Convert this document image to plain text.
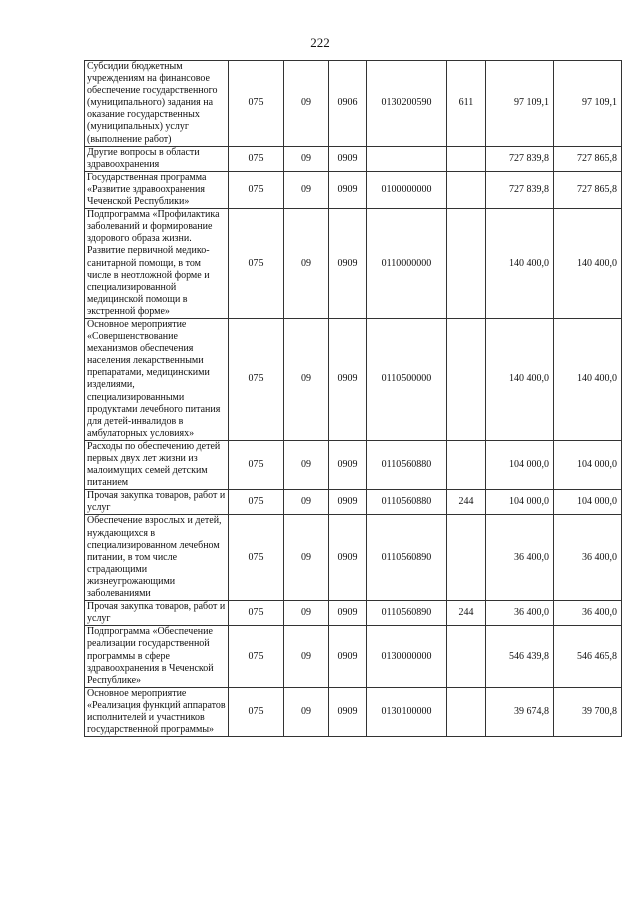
222
Субсидии бюджетным учреждениям на финансовое обеспечение государственного (муниципального) задания на оказание государственных (муниципальных) услуг (выполнение работ)	075	09	0906	0130200590	611	97 109,1	97 109,1
Другие вопросы в области здравоохранения	075	09	0909			727 839,8	727 865,8
Государственная программа «Развитие здравоохранения Чеченской Республики»	075	09	0909	0100000000		727 839,8	727 865,8
Подпрограмма «Профилактика заболеваний и формирование здорового образа жизни. Развитие первичной медико-санитарной помощи, в том числе в неотложной форме и специализированной медицинской помощи в экстренной форме»	075	09	0909	0110000000		140 400,0	140 400,0
Основное мероприятие «Совершенствование механизмов обеспечения населения лекарственными препаратами, медицинскими изделиями, специализированными продуктами лечебного питания для детей-инвалидов в амбулаторных условиях»	075	09	0909	0110500000		140 400,0	140 400,0
Расходы по обеспечению детей первых двух лет жизни из малоимущих семей детским питанием	075	09	0909	0110560880		104 000,0	104 000,0
Прочая закупка товаров, работ и услуг	075	09	0909	0110560880	244	104 000,0	104 000,0
Обеспечение взрослых и детей, нуждающихся в специализированном лечебном питании, в том числе страдающими жизнеугрожающими заболеваниями	075	09	0909	0110560890		36 400,0	36 400,0
Прочая закупка товаров, работ и услуг	075	09	0909	0110560890	244	36 400,0	36 400,0
Подпрограмма «Обеспечение реализации государственной программы в сфере здравоохранения в Чеченской Республике»	075	09	0909	0130000000		546 439,8	546 465,8
Основное мероприятие «Реализация функций аппаратов исполнителей и участников государственной программы»	075	09	0909	0130100000		39 674,8	39 700,8
